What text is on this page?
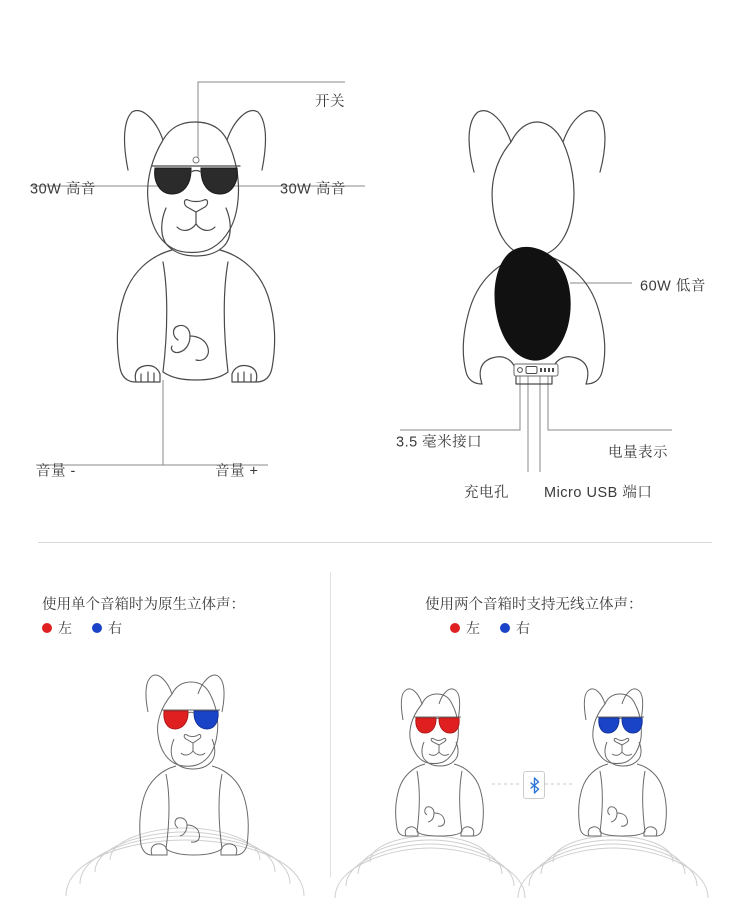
开关
30W 高音	30W 高音
音量 -	音量 +
60W 低音
3.5 毫米接口
电量表示
充电孔 Micro USB 端口
使用单个音箱时为原生立体声：
左	右
使用两个音箱时支持无线立体声：
左	右
